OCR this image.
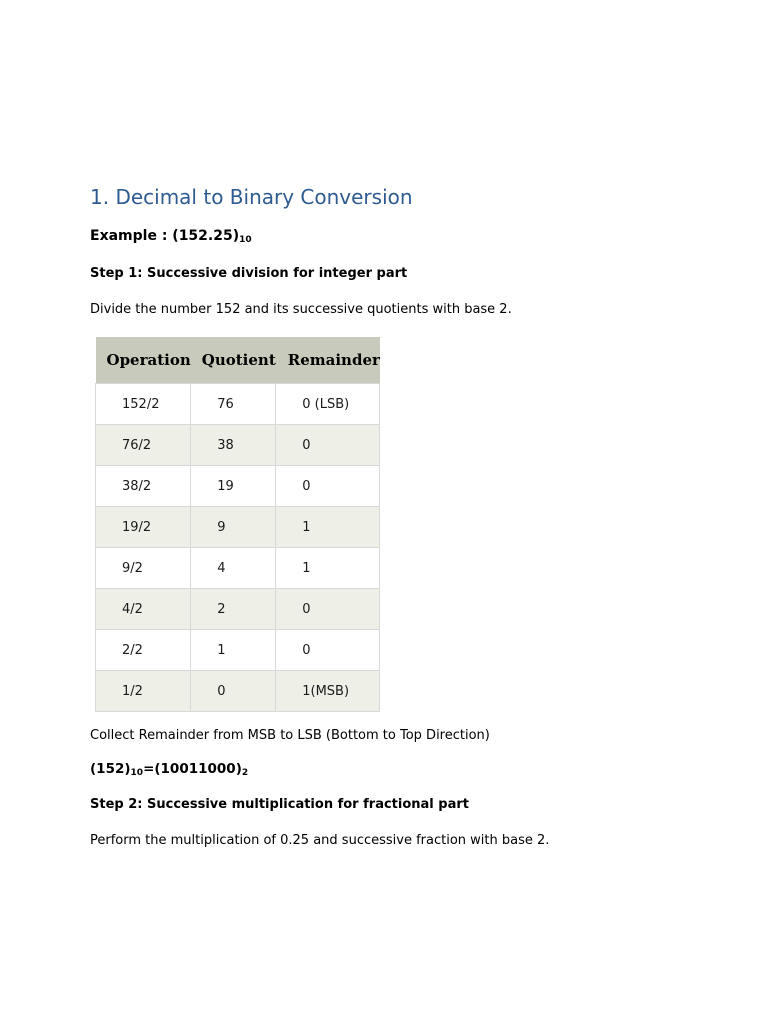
1. Decimal to Binary Conversion
Example : $(152.25)_{10}$
Step 1: Successive division for integer part
Divide the number 152 and its successive quotients with base 2.
Operation	Quotient	Remainder
152/2	76	0 (LSB)
76/2	38	0
38/2	19	0
19/2	9	1
9/2	4	1
4/2	2	0
2/2	1	0
1/2	0	1(MSB)
Collect Remainder from MSB to LSB (Bottom to Top Direction)
$(152)_{10}=(10011000)_2$
Step 2: Successive multiplication for fractional part
Perform the multiplication of 0.25 and successive fraction with base 2.
